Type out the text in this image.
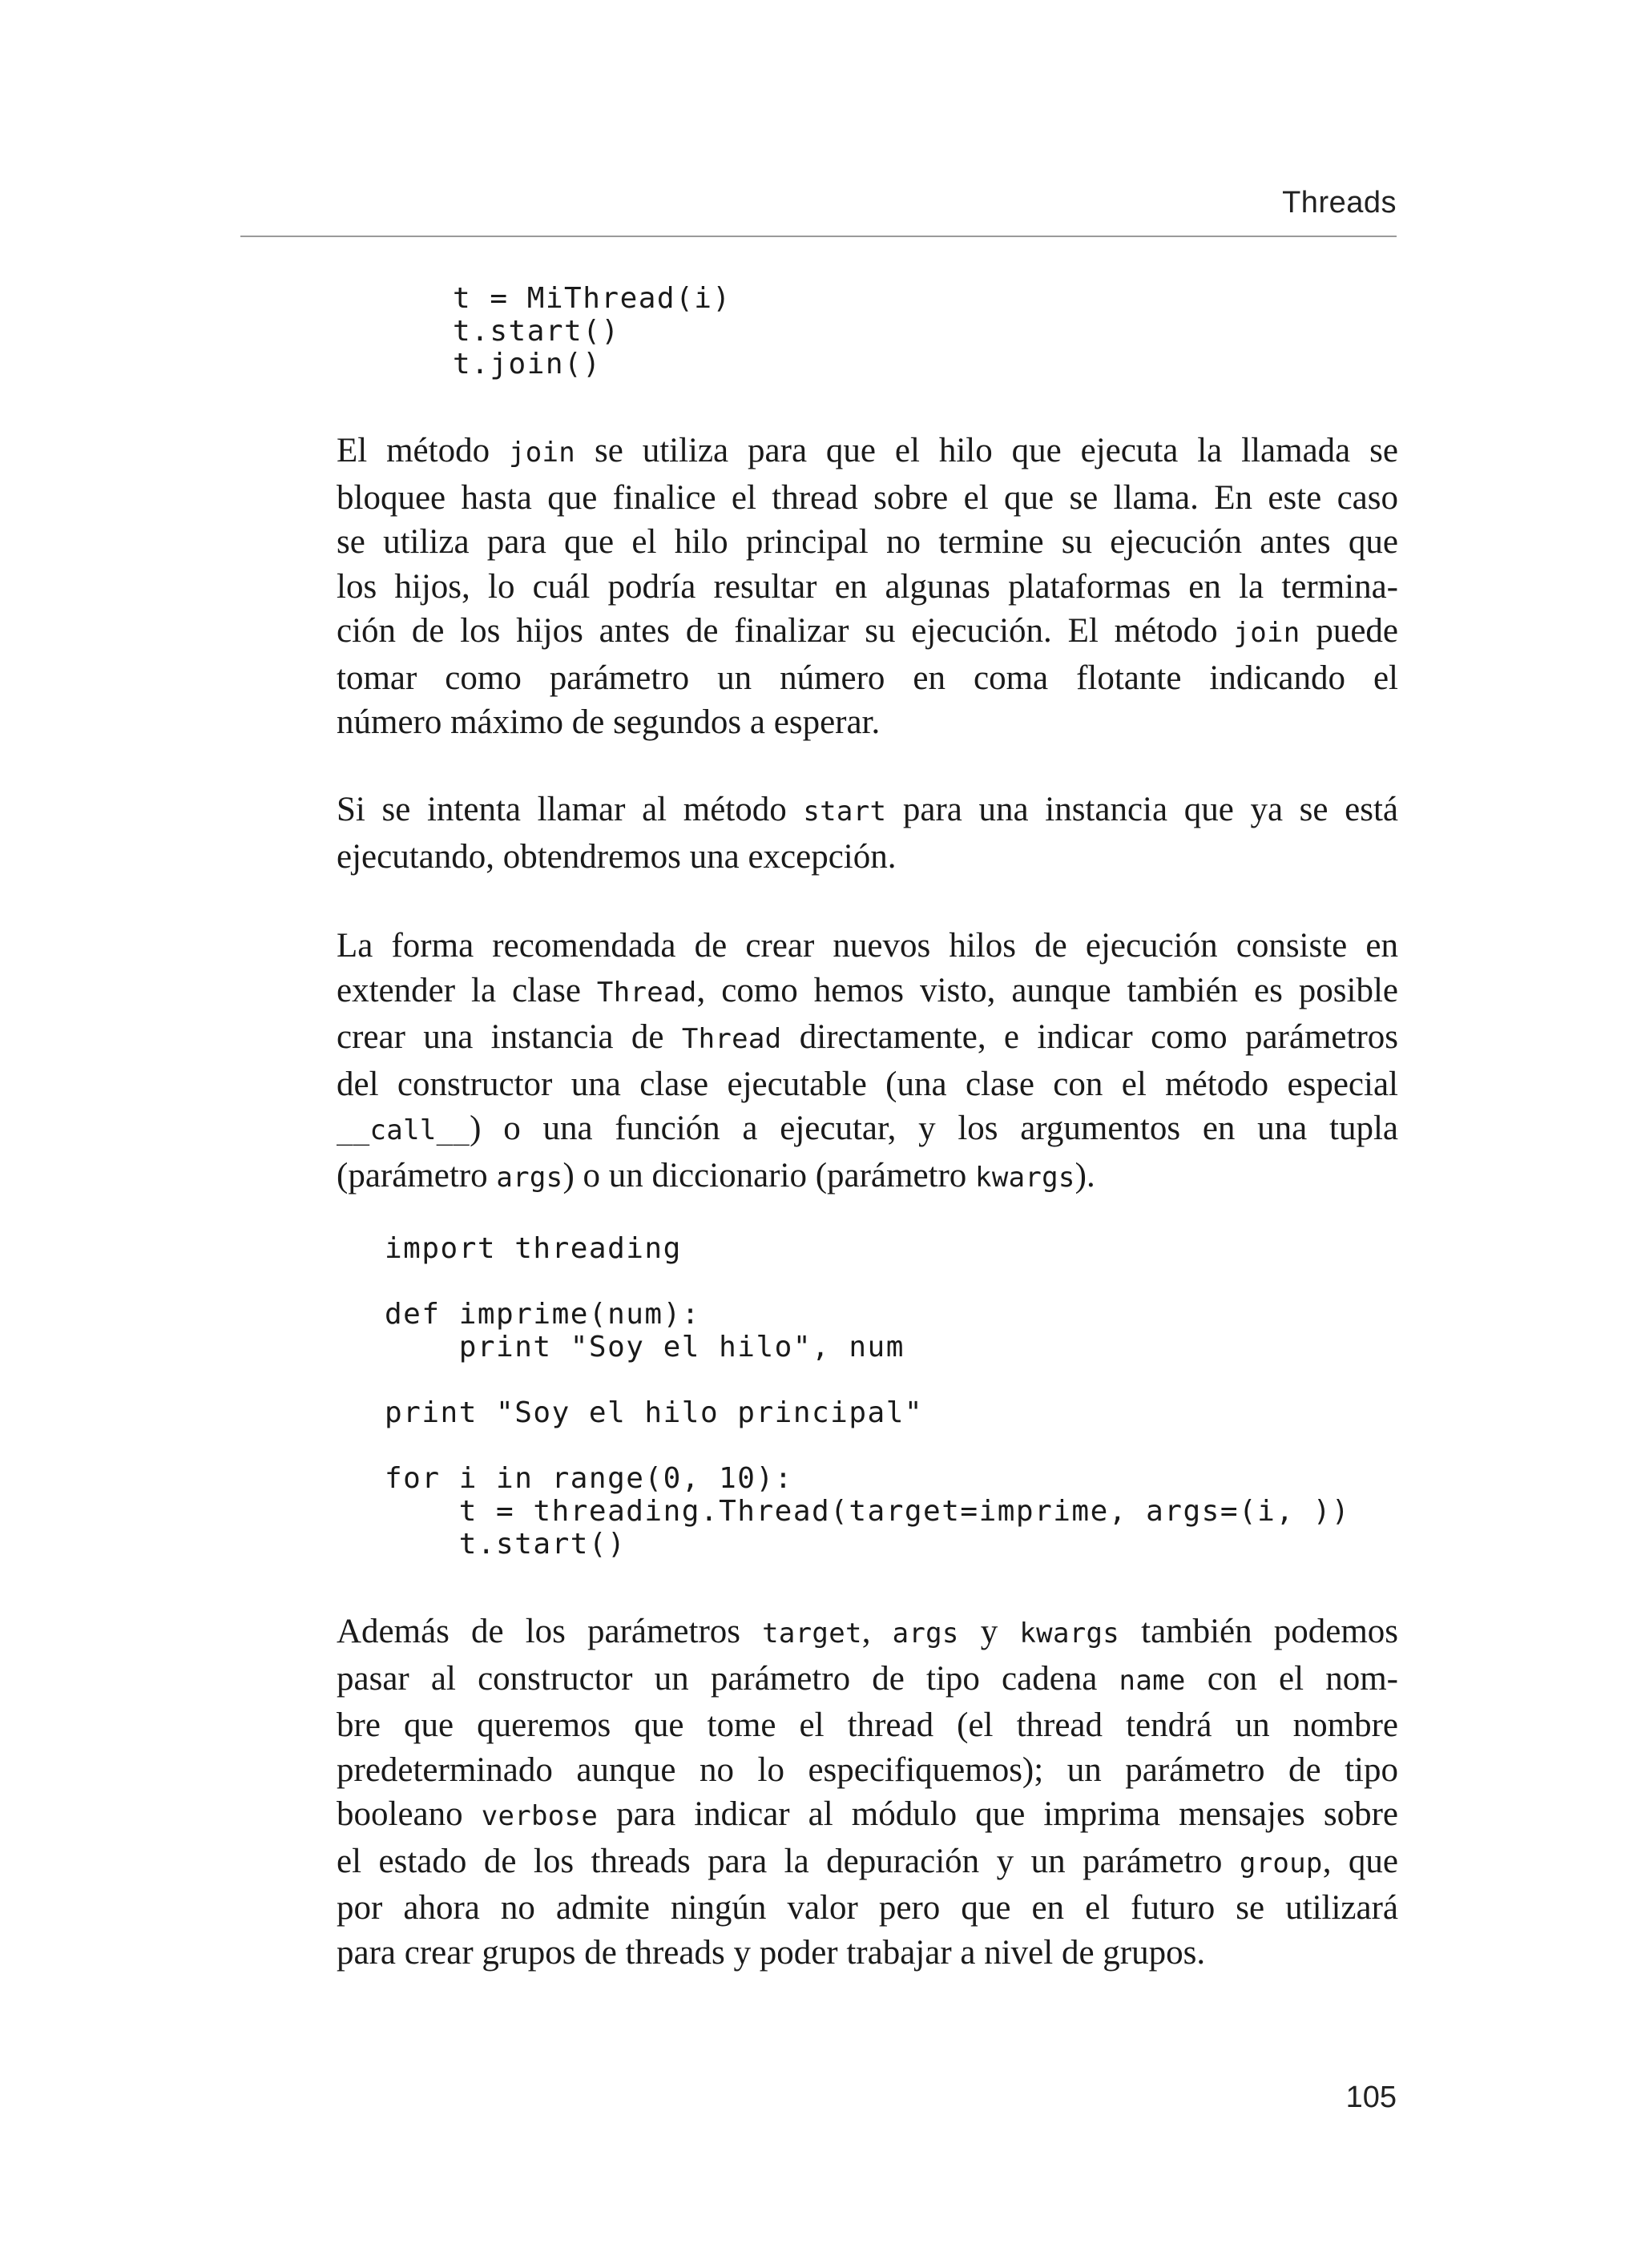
Threads
t = MiThread(i)
t.start()
t.join()
El método join se utiliza para que el hilo que ejecuta la llamada se
bloquee hasta que finalice el thread sobre el que se llama. En este caso
se utiliza para que el hilo principal no termine su ejecución antes que
los hijos, lo cuál podría resultar en algunas plataformas en la termina-
ción de los hijos antes de finalizar su ejecución. El método join puede
tomar como parámetro un número en coma flotante indicando el
número máximo de segundos a esperar.
Si se intenta llamar al método start para una instancia que ya se está
ejecutando, obtendremos una excepción.
La forma recomendada de crear nuevos hilos de ejecución consiste en
extender la clase Thread, como hemos visto, aunque también es posible
crear una instancia de Thread directamente, e indicar como parámetros
del constructor una clase ejecutable (una clase con el método especial
__call__) o una función a ejecutar, y los argumentos en una tupla
(parámetro args) o un diccionario (parámetro kwargs).
import threading
def imprime(num):
print "Soy el hilo", num
print "Soy el hilo principal"
for i in range(0, 10):
t = threading.Thread(target=imprime, args=(i, ))
t.start()
Además de los parámetros target, args y kwargs también podemos
pasar al constructor un parámetro de tipo cadena name con el nom-
bre que queremos que tome el thread (el thread tendrá un nombre
predeterminado aunque no lo especifiquemos); un parámetro de tipo
booleano verbose para indicar al módulo que imprima mensajes sobre
el estado de los threads para la depuración y un parámetro group, que
por ahora no admite ningún valor pero que en el futuro se utilizará
para crear grupos de threads y poder trabajar a nivel de grupos.
105
